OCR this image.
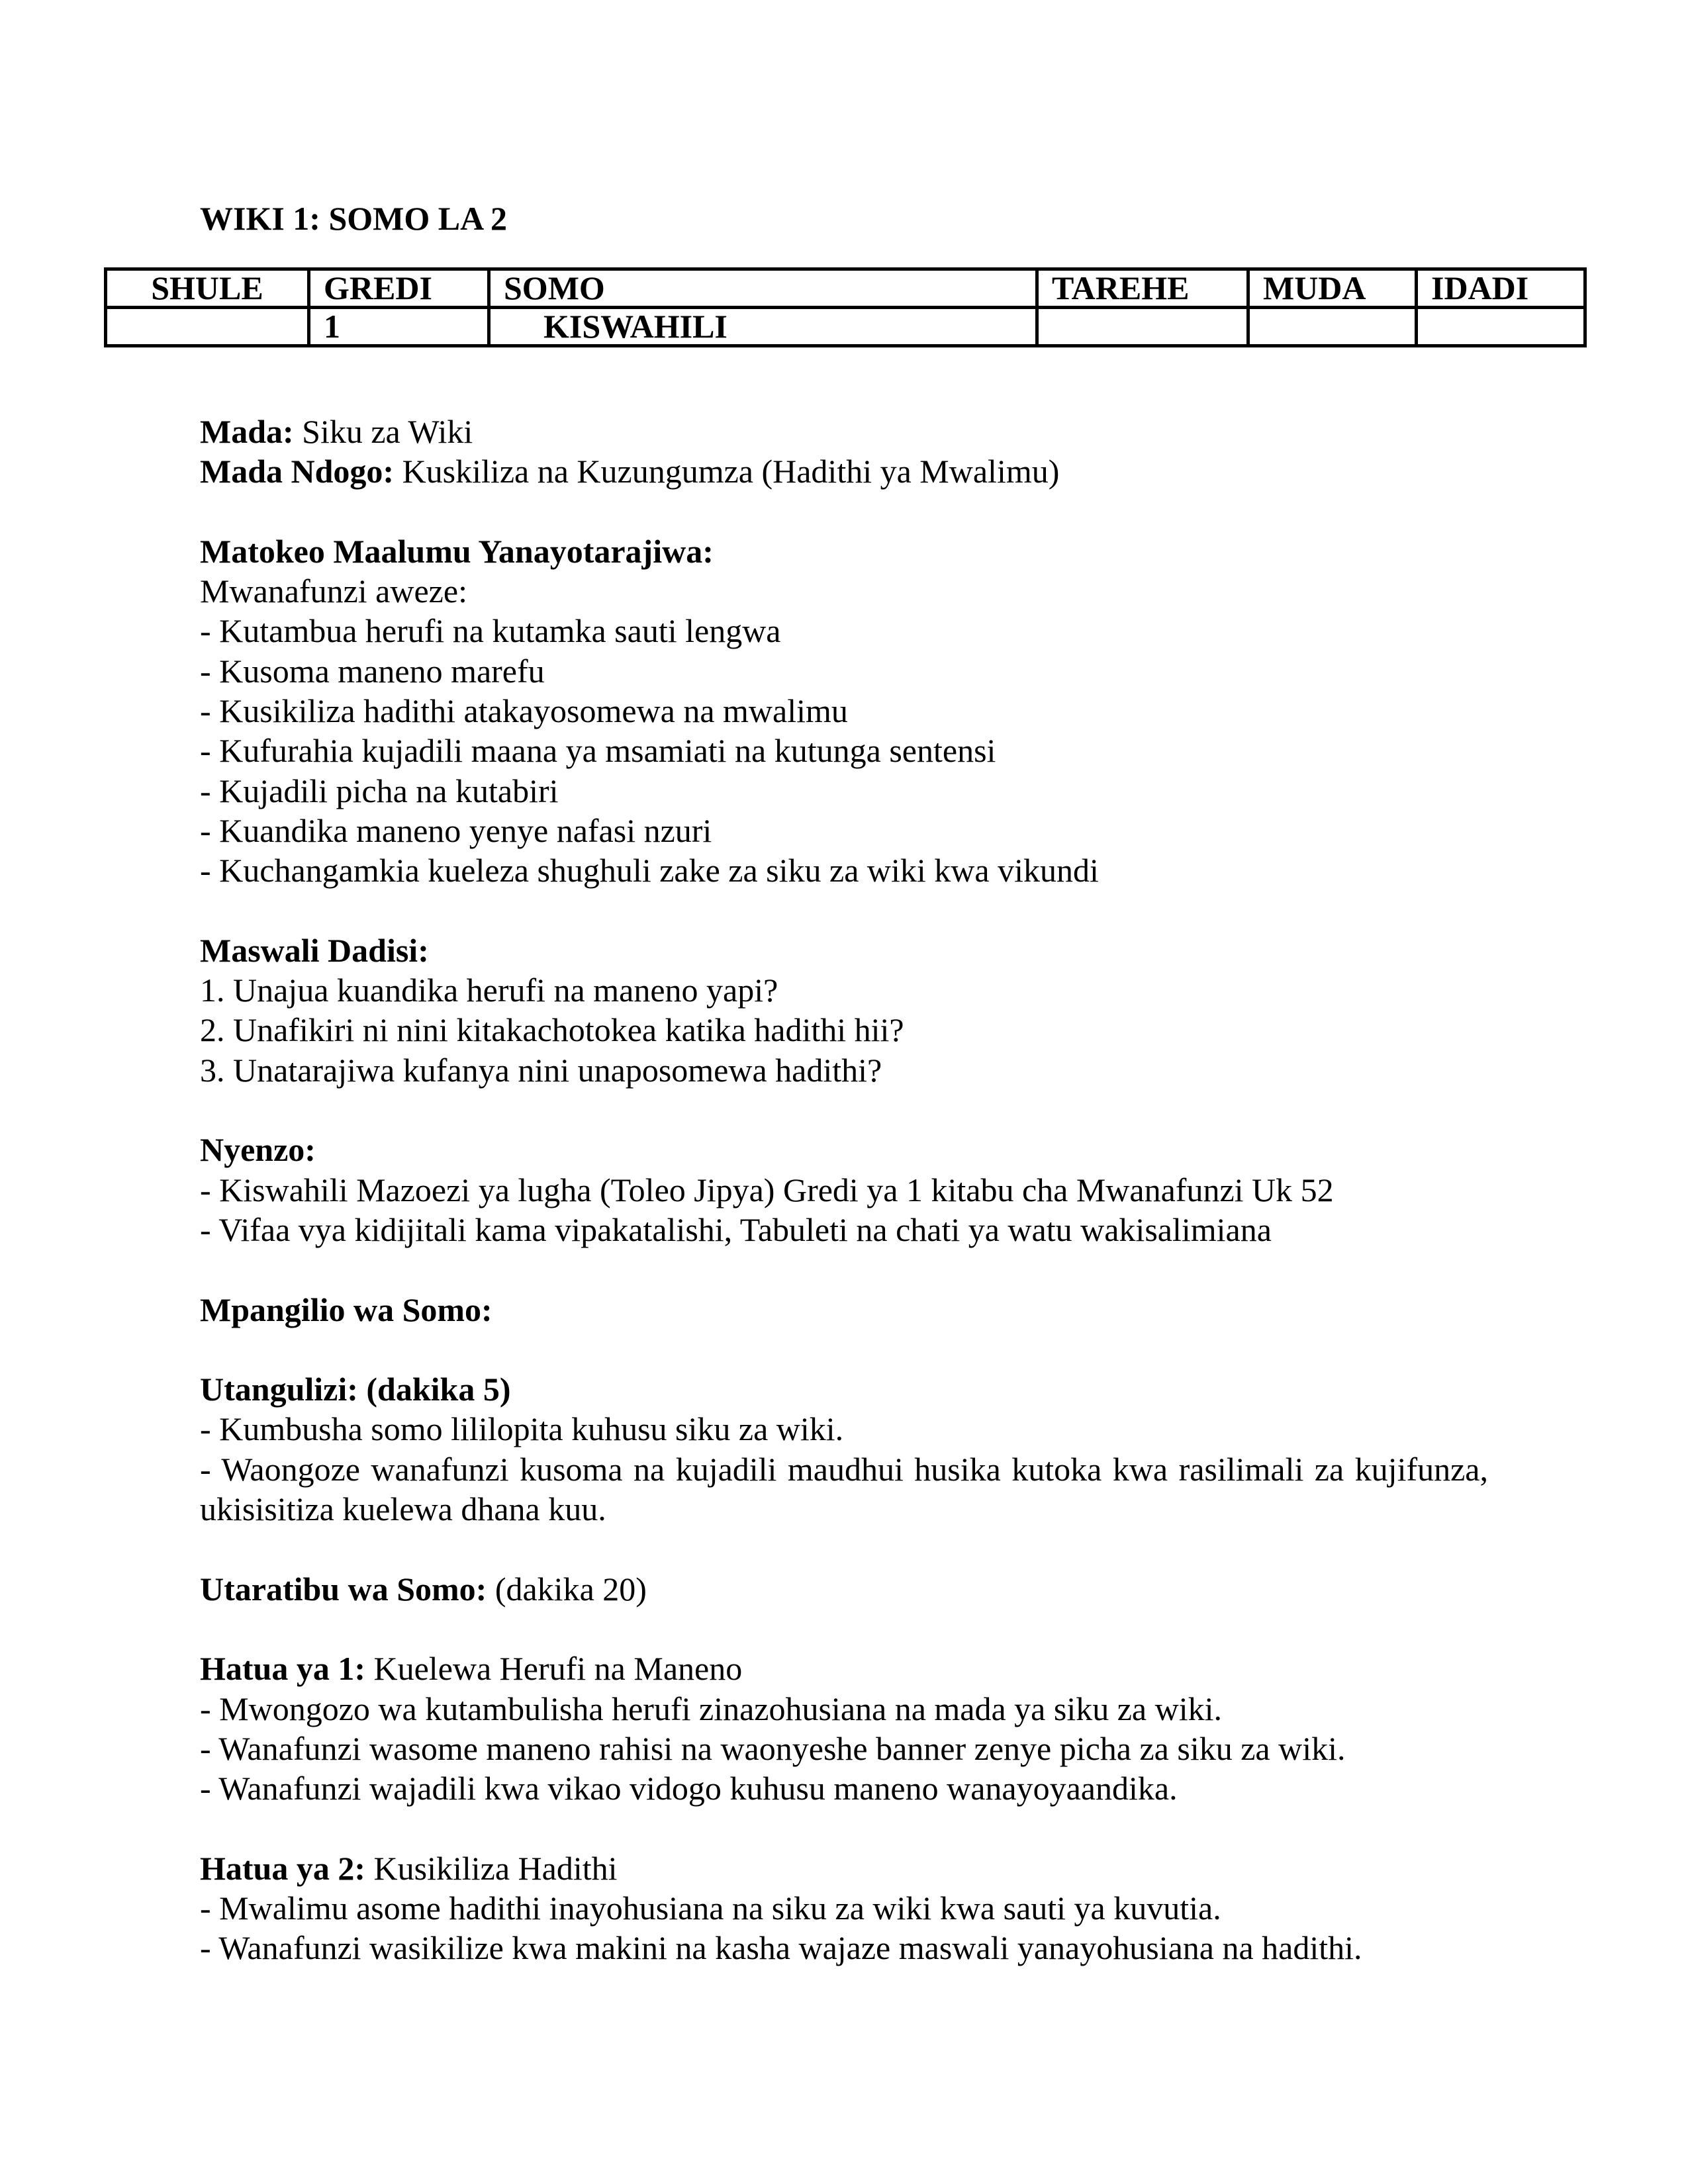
WIKI 1: SOMO LA 2
SHULE	GREDI	SOMO	TAREHE	MUDA	IDADI
	1	KISWAHILI			
Mada: Siku za Wiki
Mada Ndogo: Kuskiliza na Kuzungumza (Hadithi ya Mwalimu)
Matokeo Maalumu Yanayotarajiwa:
Mwanafunzi aweze:
- Kutambua herufi na kutamka sauti lengwa
- Kusoma maneno marefu
- Kusikiliza hadithi atakayosomewa na mwalimu
- Kufurahia kujadili maana ya msamiati na kutunga sentensi
- Kujadili picha na kutabiri
- Kuandika maneno yenye nafasi nzuri
- Kuchangamkia kueleza shughuli zake za siku za wiki kwa vikundi
Maswali Dadisi:
1. Unajua kuandika herufi na maneno yapi?
2. Unafikiri ni nini kitakachotokea katika hadithi hii?
3. Unatarajiwa kufanya nini unaposomewa hadithi?
Nyenzo:
- Kiswahili Mazoezi ya lugha (Toleo Jipya) Gredi ya 1 kitabu cha Mwanafunzi Uk 52
- Vifaa vya kidijitali kama vipakatalishi, Tabuleti na chati ya watu wakisalimiana
Mpangilio wa Somo:
Utangulizi: (dakika 5)
- Kumbusha somo lililopita kuhusu siku za wiki.
- Waongoze wanafunzi kusoma na kujadili maudhui husika kutoka kwa rasilimali za kujifunza, ukisisitiza kuelewa dhana kuu.
Utaratibu wa Somo: (dakika 20)
Hatua ya 1: Kuelewa Herufi na Maneno
- Mwongozo wa kutambulisha herufi zinazohusiana na mada ya siku za wiki.
- Wanafunzi wasome maneno rahisi na waonyeshe banner zenye picha za siku za wiki.
- Wanafunzi wajadili kwa vikao vidogo kuhusu maneno wanayoyaandika.
Hatua ya 2: Kusikiliza Hadithi
- Mwalimu asome hadithi inayohusiana na siku za wiki kwa sauti ya kuvutia.
- Wanafunzi wasikilize kwa makini na kasha wajaze maswali yanayohusiana na hadithi.
